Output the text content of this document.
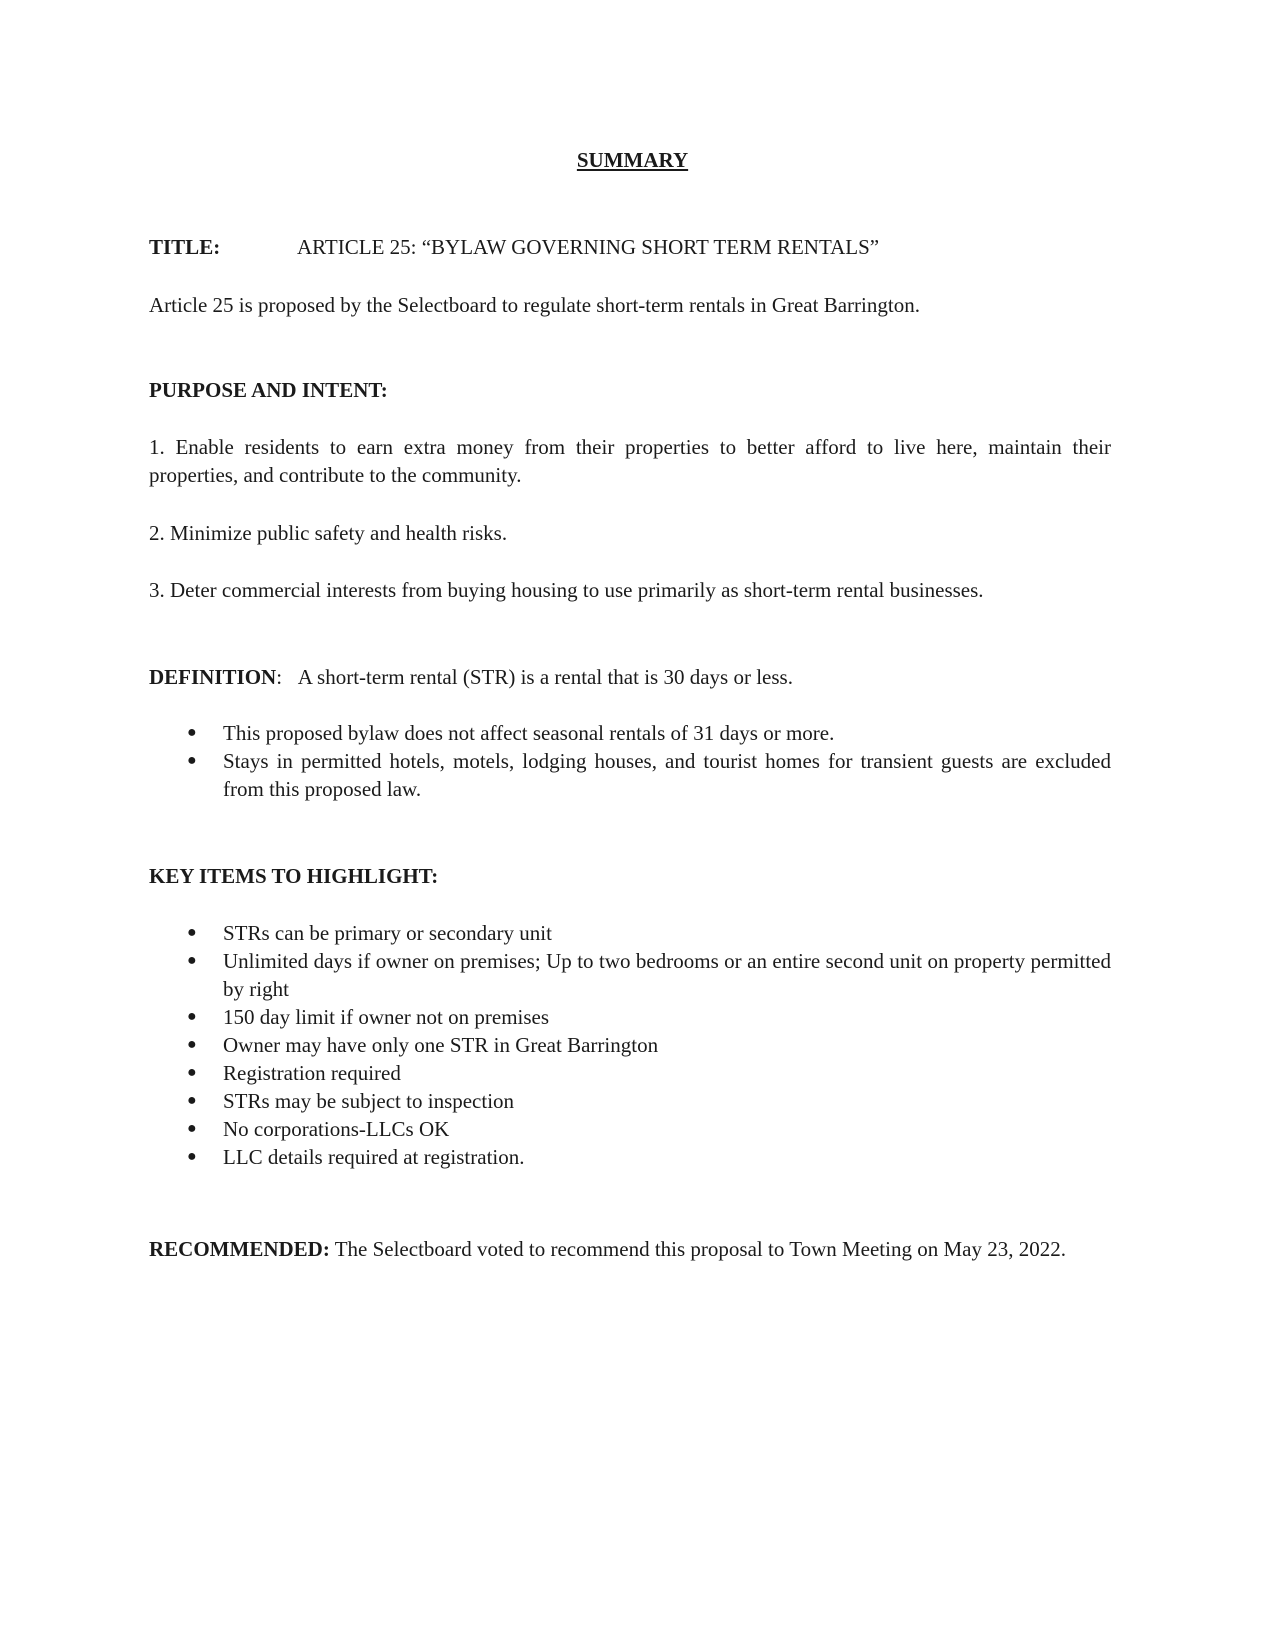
SUMMARY

TITLE:	ARTICLE 25: “BYLAW GOVERNING SHORT TERM RENTALS”

Article 25 is proposed by the Selectboard to regulate short-term rentals in Great Barrington.

PURPOSE AND INTENT:

1. Enable residents to earn extra money from their properties to better afford to live here, maintain their properties, and contribute to the community.

2. Minimize public safety and health risks.

3. Deter commercial interests from buying housing to use primarily as short-term rental businesses.

DEFINITION: A short-term rental (STR) is a rental that is 30 days or less.

● This proposed bylaw does not affect seasonal rentals of 31 days or more.
● Stays in permitted hotels, motels, lodging houses, and tourist homes for transient guests are excluded from this proposed law.

KEY ITEMS TO HIGHLIGHT:

● STRs can be primary or secondary unit
● Unlimited days if owner on premises; Up to two bedrooms or an entire second unit on property permitted by right
● 150 day limit if owner not on premises
● Owner may have only one STR in Great Barrington
● Registration required
● STRs may be subject to inspection
● No corporations-LLCs OK
● LLC details required at registration.

RECOMMENDED: The Selectboard voted to recommend this proposal to Town Meeting on May 23, 2022.
